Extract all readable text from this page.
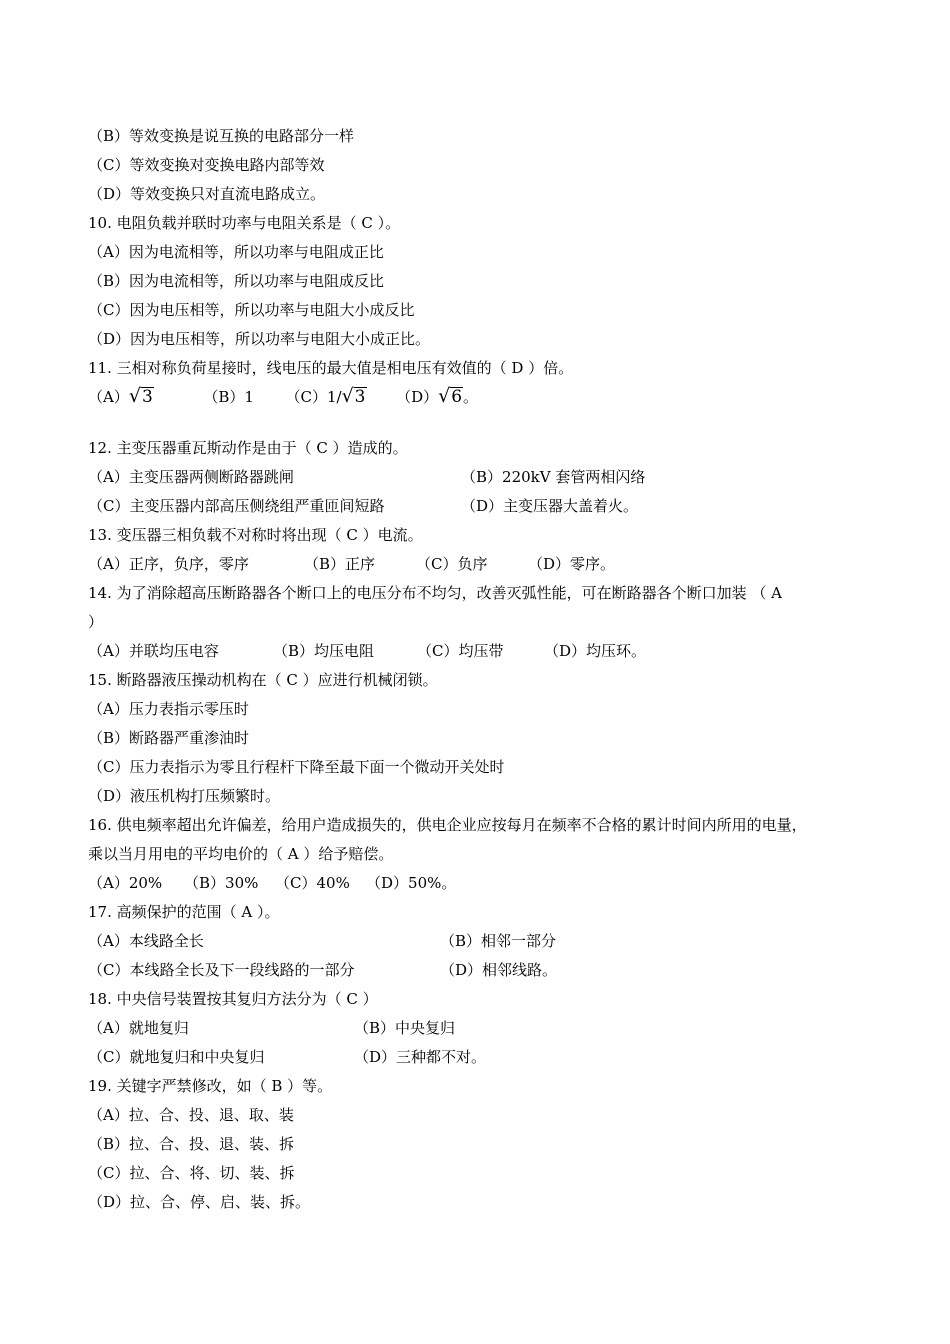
（B）等效变换是说互换的电路部分一样
（C）等效变换对变换电路内部等效
（D）等效变换只对直流电路成立。
10. 电阻负载并联时功率与电阻关系是（ C ）。
（A）因为电流相等，所以功率与电阻成正比
（B）因为电流相等，所以功率与电阻成反比
（C）因为电压相等，所以功率与电阻大小成反比
（D）因为电压相等，所以功率与电阻大小成正比。
11. 三相对称负荷星接时，线电压的最大值是相电压有效值的（ D ）倍。
（A）√3	（B）1 （C）1/√3 （D）√6。
12. 主变压器重瓦斯动作是由于（ C ）造成的。
（A）主变压器两侧断路器跳闸	（B）220kV 套管两相闪络
（C）主变压器内部高压侧绕组严重匝间短路	（D）主变压器大盖着火。
13. 变压器三相负载不对称时将出现（ C ）电流。
（A）正序，负序，零序	（B）正序	（C）负序	（D）零序。
14. 为了消除超高压断路器各个断口上的电压分布不均匀，改善灭弧性能，可在断路器各个断口加装 （ A
）
（A）并联均压电容	（B）均压电阻	（C）均压带	（D）均压环。
15. 断路器液压操动机构在（ C ）应进行机械闭锁。
（A）压力表指示零压时
（B）断路器严重渗油时
（C）压力表指示为零且行程杆下降至最下面一个微动开关处时
（D）液压机构打压频繁时。
16. 供电频率超出允许偏差，给用户造成损失的，供电企业应按每月在频率不合格的累计时间内所用的电量，
乘以当月用电的平均电价的（ A ）给予赔偿。
（A）20%	（B）30%	（C）40%	（D）50%。
17. 高频保护的范围（ A ）。
（A）本线路全长	（B）相邻一部分
（C）本线路全长及下一段线路的一部分	（D）相邻线路。
18. 中央信号装置按其复归方法分为（ C ）
（A）就地复归	（B）中央复归
（C）就地复归和中央复归	（D）三种都不对。
19. 关键字严禁修改，如（ B ）等。
（A）拉、合、投、退、取、装
（B）拉、合、投、退、装、拆
（C）拉、合、将、切、装、拆
（D）拉、合、停、启、装、拆。
